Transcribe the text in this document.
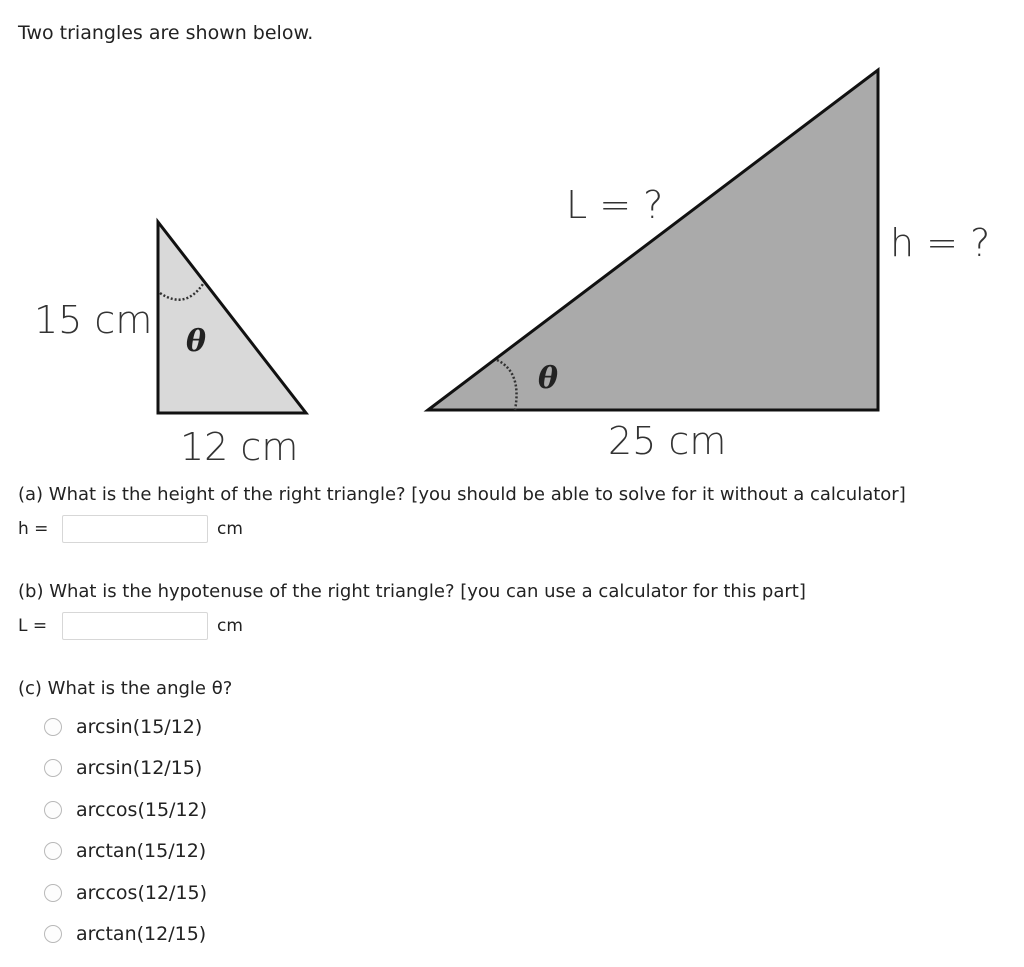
Two triangles are shown below.

15 cm
12 cm
θ
θ
L = ?
h = ?
25 cm

(a) What is the height of the right triangle? [you should be able to solve for it without a calculator]

h =	cm

(b) What is the hypotenuse of the right triangle? [you can use a calculator for this part]

L =	cm

(c) What is the angle θ?

arcsin(15/12)
arcsin(12/15)
arccos(15/12)
arctan(15/12)
arccos(12/15)
arctan(12/15)
